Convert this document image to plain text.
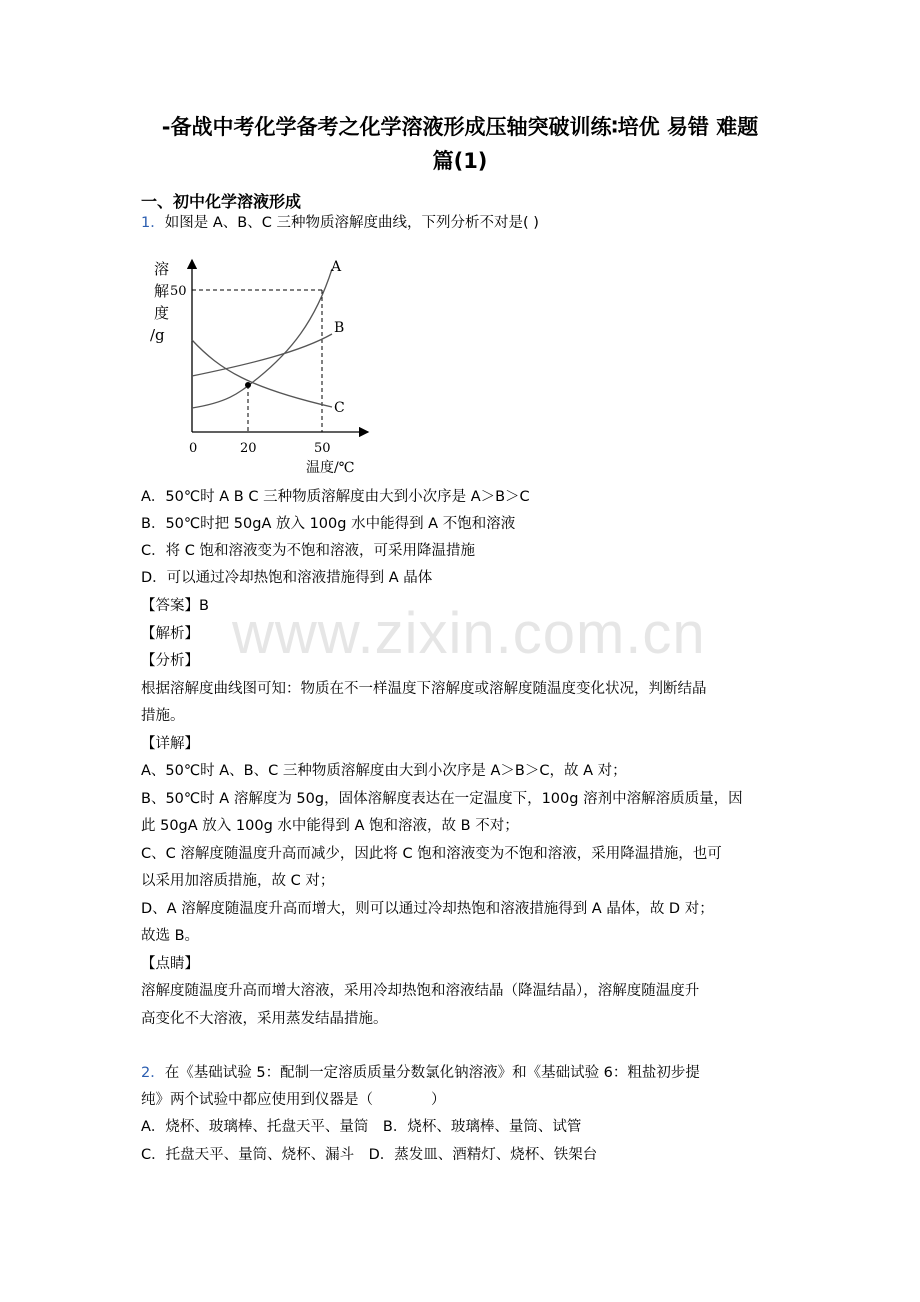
www.zixin.com.cn
-备战中考化学备考之化学溶液形成压轴突破训练∶培优 易错 难题
篇(1)
一、初中化学溶液形成
1．如图是 A、B、C 三种物质溶解度曲线，下列分析不对是( )
溶
解
度
/g
50
0	20	50
温度/℃
A
B
C
A．50℃时 A B C 三种物质溶解度由大到小次序是 A＞B＞C
B．50℃时把 50gA 放入 100g 水中能得到 A 不饱和溶液
C．将 C 饱和溶液变为不饱和溶液，可采用降温措施
D．可以通过冷却热饱和溶液措施得到 A 晶体
【答案】B
【解析】
【分析】
根据溶解度曲线图可知：物质在不一样温度下溶解度或溶解度随温度变化状况，判断结晶
措施。
【详解】
A、50℃时 A、B、C 三种物质溶解度由大到小次序是 A＞B＞C，故 A 对；
B、50℃时 A 溶解度为 50g，固体溶解度表达在一定温度下，100g 溶剂中溶解溶质质量，因
此 50gA 放入 100g 水中能得到 A 饱和溶液，故 B 不对；
C、C 溶解度随温度升高而减少，因此将 C 饱和溶液变为不饱和溶液，采用降温措施，也可
以采用加溶质措施，故 C 对；
D、A 溶解度随温度升高而增大，则可以通过冷却热饱和溶液措施得到 A 晶体，故 D 对；
故选 B。
【点睛】
溶解度随温度升高而增大溶液，采用冷却热饱和溶液结晶（降温结晶），溶解度随温度升
高变化不大溶液，采用蒸发结晶措施。
2．在《基础试验 5：配制一定溶质质量分数氯化钠溶液》和《基础试验 6：粗盐初步提
纯》两个试验中都应使用到仪器是（　　　　）
A．烧杯、玻璃棒、托盘天平、量筒　B．烧杯、玻璃棒、量筒、试管
C．托盘天平、量筒、烧杯、漏斗　D．蒸发皿、酒精灯、烧杯、铁架台
